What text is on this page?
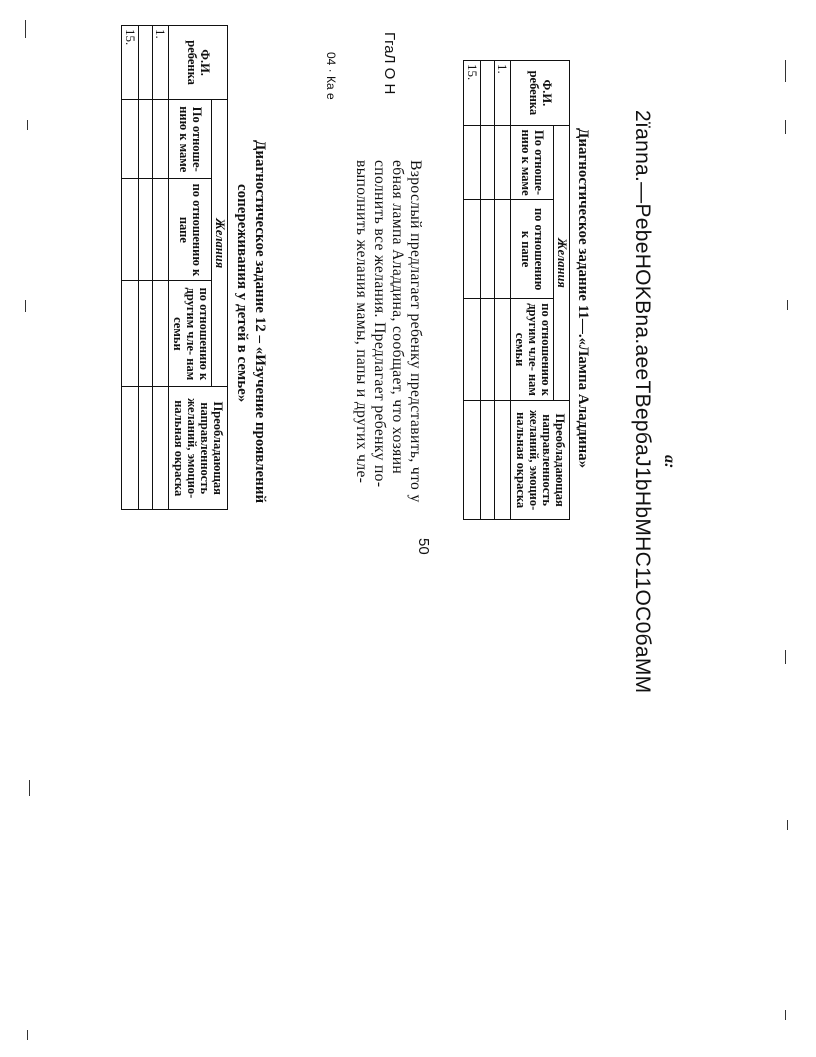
2ïanna.—PebeHOKBna.aeeTBepбaJ1bHbMHC11OC0бaMM a:
Диагностическое задание 11—.«Лампа Аладдина»
Ф.И. ребенка	Желания			Преобладающая направленность желаний, эмоцио- нальная окраска
	По отноше- нию к маме	по отношению к папе	по отношению к другим чле- нам семьи	
1.				

15.				
Взрослый предлагает ребенку представить, что у
ебная лампа Аладдина, сообщает, что хозяин
сполнить все желания. Предлагает ребенку по-
выполнить желания мамы, папы и других чле-
ГгаЛ О Н
04 · Ка е
50
Диагностическое задание 12 – «Изучение проявлений
сопереживания у детей в семье»
Ф.И. ребенка	Желания			Преобладающая направленность желаний, эмоцио- нальная окраска
	По отноше- нию к маме	по отношению к папе	по отношению к другим чле- нам семьи	
1.				

15.				
